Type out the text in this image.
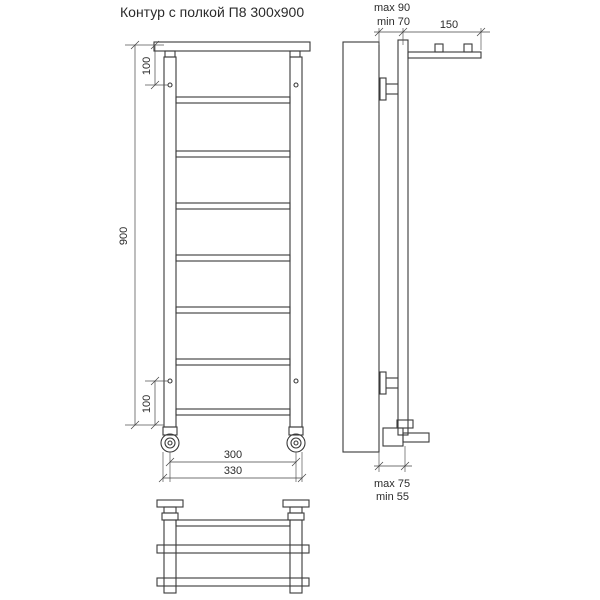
Контур с полкой П8 300х900
100
900
100
300
330
max 90
min 70	150
max 75
min 55
